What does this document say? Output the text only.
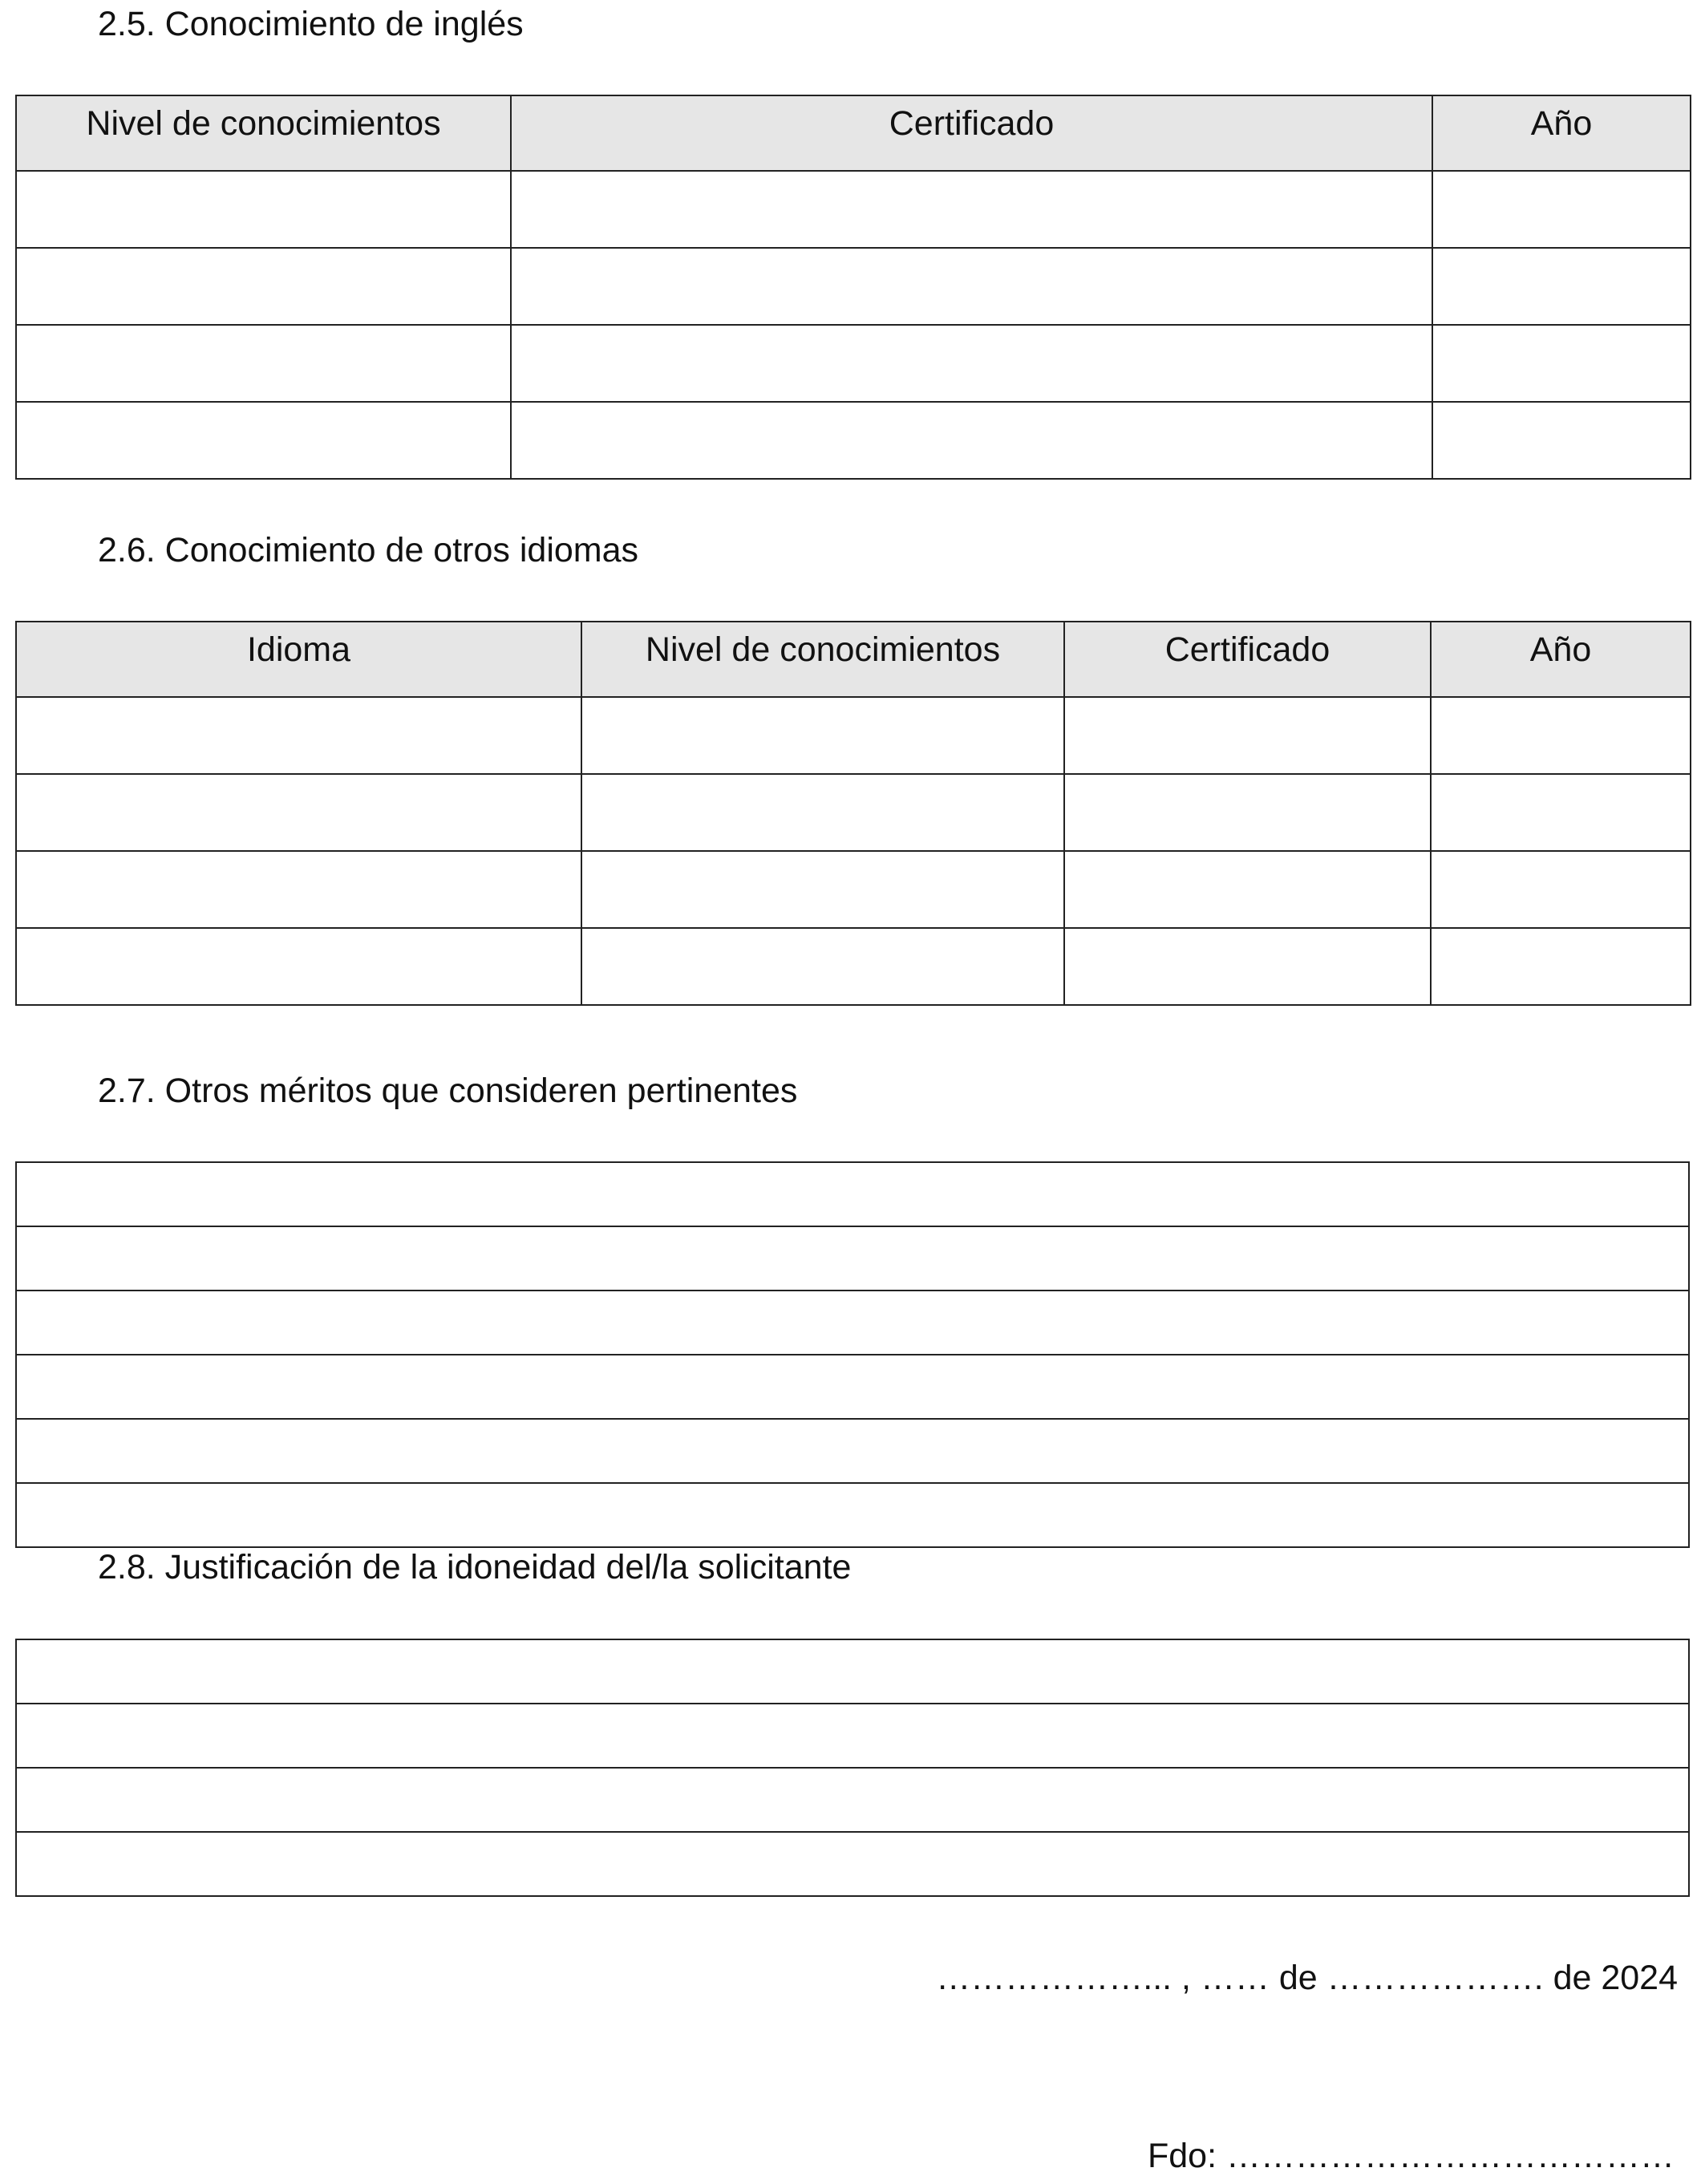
2.5. Conocimiento de inglés
Nivel de conocimientos	Certificado	Año

2.6. Conocimiento de otros idiomas
Idioma	Nivel de conocimientos	Certificado	Año

2.7. Otros méritos que consideren pertinentes

2.8. Justificación de la idoneidad del/la solicitante

………………... , …… de ………………. de 2024
Fdo: …………………………………
